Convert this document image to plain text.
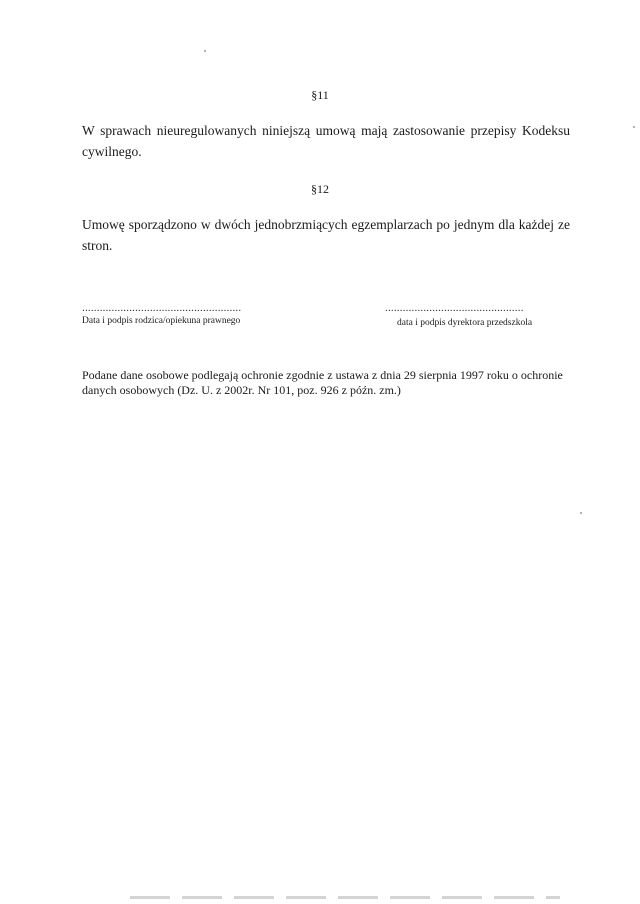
§11
W sprawach nieuregulowanych niniejszą umową mają zastosowanie przepisy Kodeksu cywilnego.
§12
Umowę sporządzono w dwóch jednobrzmiących egzemplarzach po jednym dla każdej ze stron.
......................................................
Data i podpis rodzica/opiekuna prawnego
...............................................
data i podpis dyrektora przedszkola
Podane dane osobowe podlegają ochronie zgodnie z ustawa z dnia 29 sierpnia 1997 roku o ochronie danych osobowych (Dz. U. z 2002r. Nr 101, poz. 926 z późn. zm.)
